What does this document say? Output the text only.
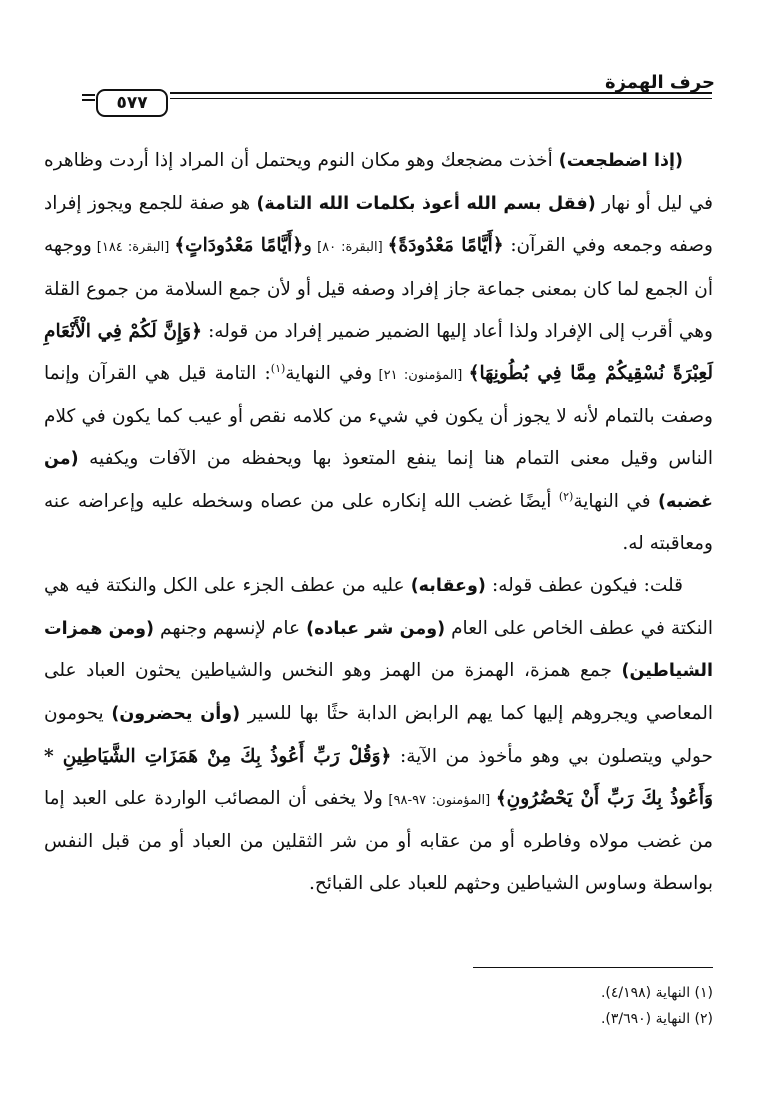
حرف الهمزة
٥٧٧

(إذا اضطجعت) أخذت مضجعك وهو مكان النوم ويحتمل أن المراد إذا أردت وظاهره في ليل أو نهار (فقل بسم الله أعوذ بكلمات الله التامة) هو صفة للجمع ويجوز إفراد وصفه وجمعه وفي القرآن: ﴿أَيَّامًا مَعْدُودَةً﴾ [البقرة: ٨٠] و﴿أَيَّامًا مَعْدُودَاتٍ﴾ [البقرة: ١٨٤] ووجهه أن الجمع لما كان بمعنى جماعة جاز إفراد وصفه قيل أو لأن جمع السلامة من جموع القلة وهي أقرب إلى الإفراد ولذا أعاد إليها الضمير ضمير إفراد من قوله: ﴿وَإِنَّ لَكُمْ فِي الْأَنْعَامِ لَعِبْرَةً نُسْقِيكُمْ مِمَّا فِي بُطُونِهَا﴾ [المؤمنون: ٢١] وفي النهاية$^{(١)}$: التامة قيل هي القرآن وإنما وصفت بالتمام لأنه لا يجوز أن يكون في شيء من كلامه نقص أو عيب كما يكون في كلام الناس وقيل معنى التمام هنا إنما ينفع المتعوذ بها ويحفظه من الآفات ويكفيه (من غضبه) في النهاية$^{(٢)}$ أيضًا غضب الله إنكاره على من عصاه وسخطه عليه وإعراضه عنه ومعاقبته له.

قلت: فيكون عطف قوله: (وعقابه) عليه من عطف الجزء على الكل والنكتة فيه هي النكتة في عطف الخاص على العام (ومن شر عباده) عام لإنسهم وجنهم (ومن همزات الشياطين) جمع همزة، الهمزة من الهمز وهو النخس والشياطين يحثون العباد على المعاصي ويجروهم إليها كما يهم الرابض الدابة حثًا بها للسير (وأن يحضرون) يحومون حولي ويتصلون بي وهو مأخوذ من الآية: ﴿وَقُلْ رَبِّ أَعُوذُ بِكَ مِنْ هَمَزَاتِ الشَّيَاطِينِ * وَأَعُوذُ بِكَ رَبِّ أَنْ يَحْضُرُونِ﴾ [المؤمنون: ٩٧-٩٨] ولا يخفى أن المصائب الواردة على العبد إما من غضب مولاه وفاطره أو من عقابه أو من شر الثقلين من العباد أو من قبل النفس بواسطة وساوس الشياطين وحثهم للعباد على القبائح.

(١) النهاية (٤/١٩٨).
(٢) النهاية (٣/٦٩٠).
